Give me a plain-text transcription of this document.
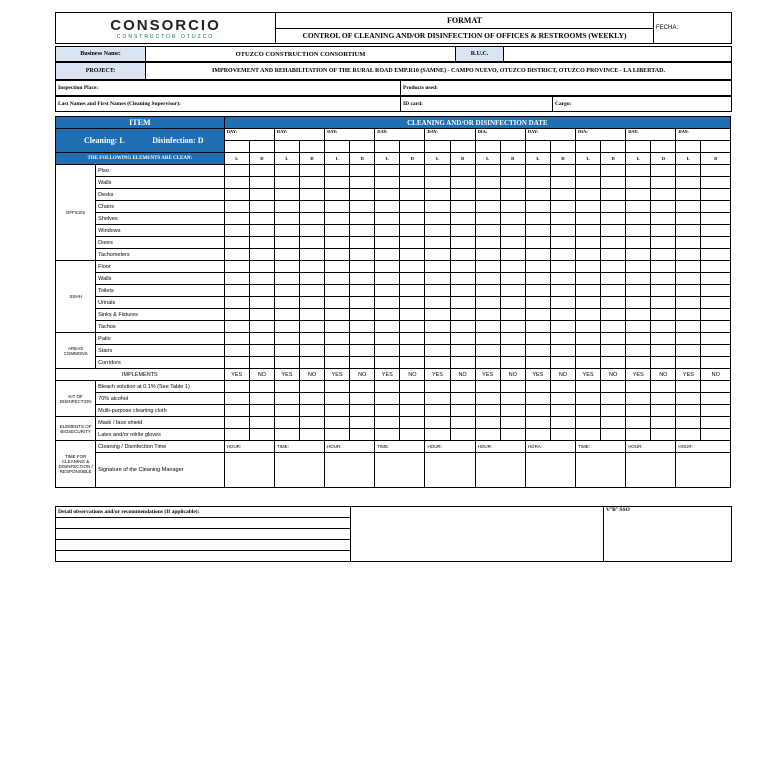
CONSORCIO
CONSTRUCTOR OTUZCO
	FORMAT	FECHA:
CONTROL OF CLEANING AND/OR DISINFECTION OF OFFICES & RESTROOMS (WEEKLY)
Business Name:	OTUZCO CONSTRUCTION CONSORTIUM	R.U.C.	
PROJECT:	IMPROVEMENT AND REHABILITATION OF THE RURAL ROAD EMP.R10 (SAMNE) - CAMPO NUEVO, OTUZCO DISTRICT, OTUZCO PROVINCE - LA LIBERTAD.
Inspection Place:	Products used:
Last Names and First Names (Cleaning Supervisor):	ID card:	Cargo:
ITEM		CLEANING AND/OR DISINFECTION DATE																			
Cleaning: L Disinfection: D		DAY:		DAY:		DAY:		DAY:		DAY:		DIA:		DAY:		DIA:		DAY:		DAY:	

THE FOLLOWING ELEMENTS ARE CLEAN:		L	D	L	D	L	D	L	D	L	D	L	D	L	D	L	D	L	D	L	D
OFFICES	Piso																				
	Walls																				
	Desks																				
	Chairs																				
	Shelves																				
	Windows																				
	Doors																				
	Tachometers																				
SSHH	Floor																				
	Walls																				
	Toilets																				
	Urinals																				
	Sinks & Fixtures																				
	Tachos																				
AREAS COMMONS	Patio																				
	Stairs																				
	Corridors																				
IMPLEMENTS		YES	NO	YES	NO	YES	NO	YES	NO	YES	NO	YES	NO	YES	NO	YES	NO	YES	NO	YES	NO
KIT OF DISINFECTION	Bleach solution at 0.1% (See Table 1)																				
	70% alcohol																				
	Multi-purpose cleaning cloth																				
ELEMENTS OF BIOSECURITY	Mask / face shield																				
	Latex and/or nitrile gloves																				
TIME FOR CLEANING & DISINFECTION / RESPONSIBLE	Cleaning / Disinfection Time	HOUR:		TIME:		HOUR:		TIME:		HOUR:		HOUR:		HORA:		TIME:		HOUR:		HOUR:	
	Signature of the Cleaning Manager																				
Detail observations and/or recommendations (If applicable):		V°B° SSO
